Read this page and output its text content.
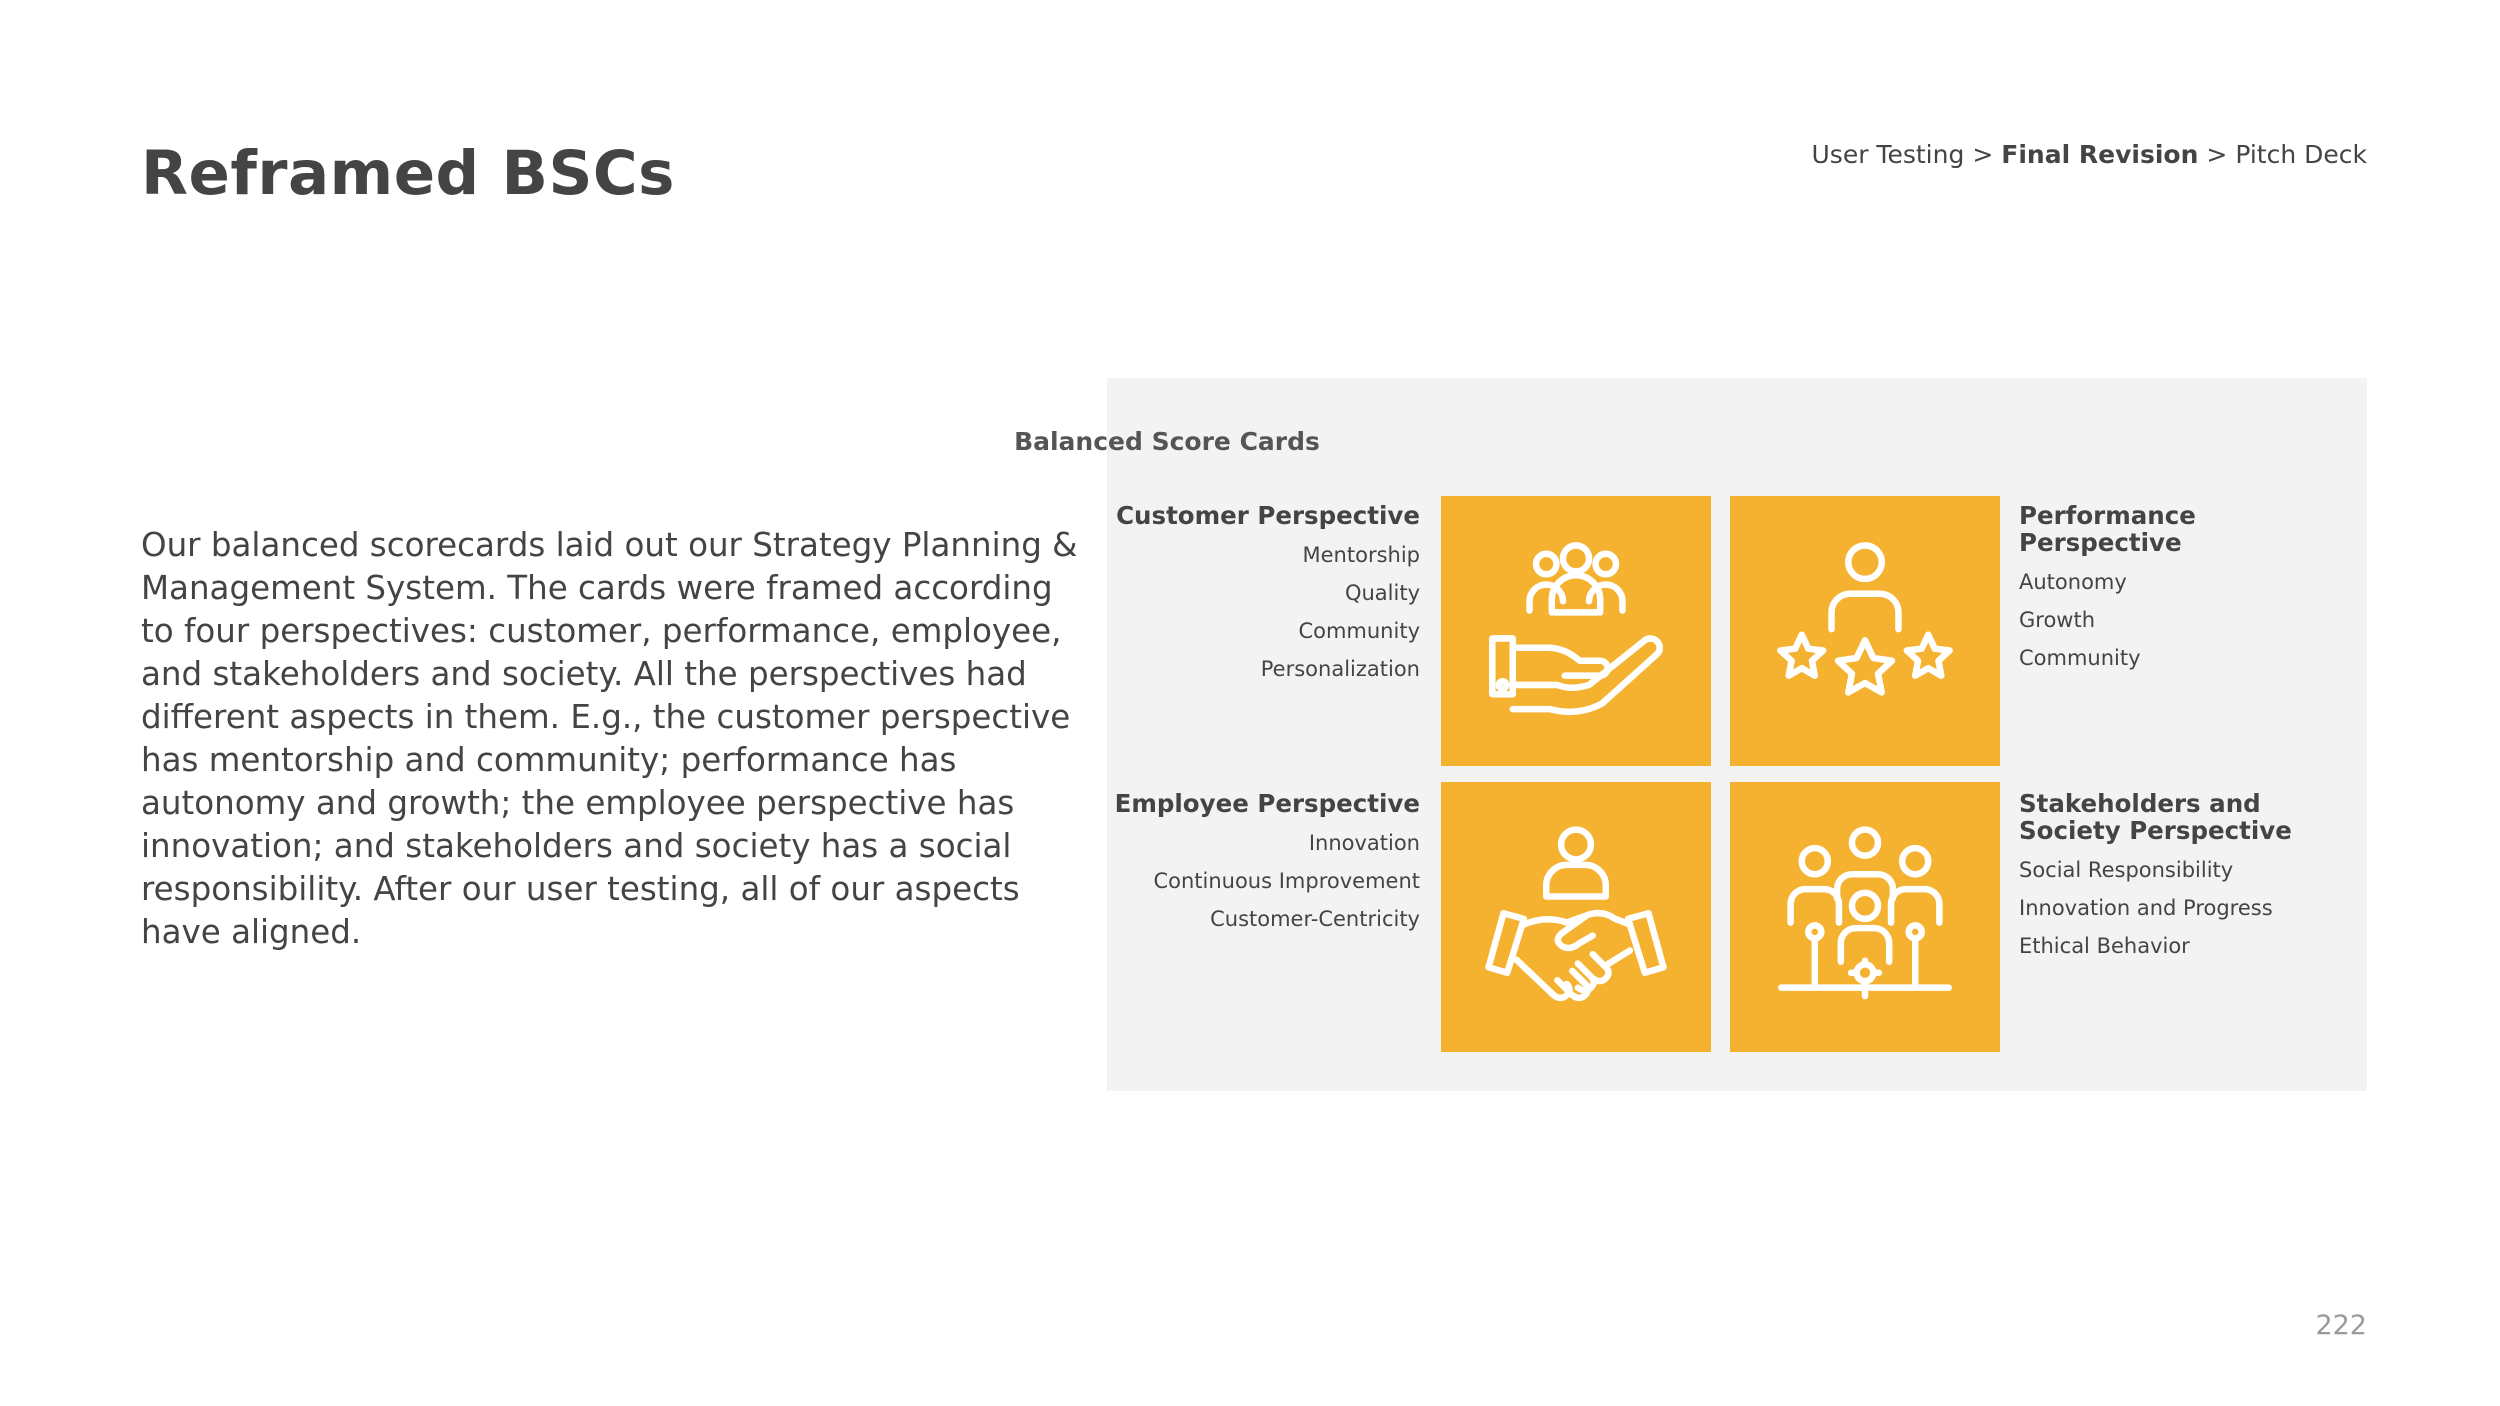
Reframed BSCs	User Testing > Final Revision > Pitch Deck

Our balanced scorecards laid out our Strategy Planning & Management System. The cards were framed according to four perspectives: customer, performance, employee, and stakeholders and society. All the perspectives had different aspects in them. E.g., the customer perspective has mentorship and community; performance has autonomy and growth; the employee perspective has innovation; and stakeholders and society has a social responsibility. After our user testing, all of our aspects have aligned.

Balanced Score Cards
Customer Perspective
Mentorship
Quality
Community
Personalization
Performance Perspective
Autonomy
Growth
Community
Employee Perspective
Innovation
Continuous Improvement
Customer-Centricity
Stakeholders and Society Perspective
Social Responsibility
Innovation and Progress
Ethical Behavior
222
